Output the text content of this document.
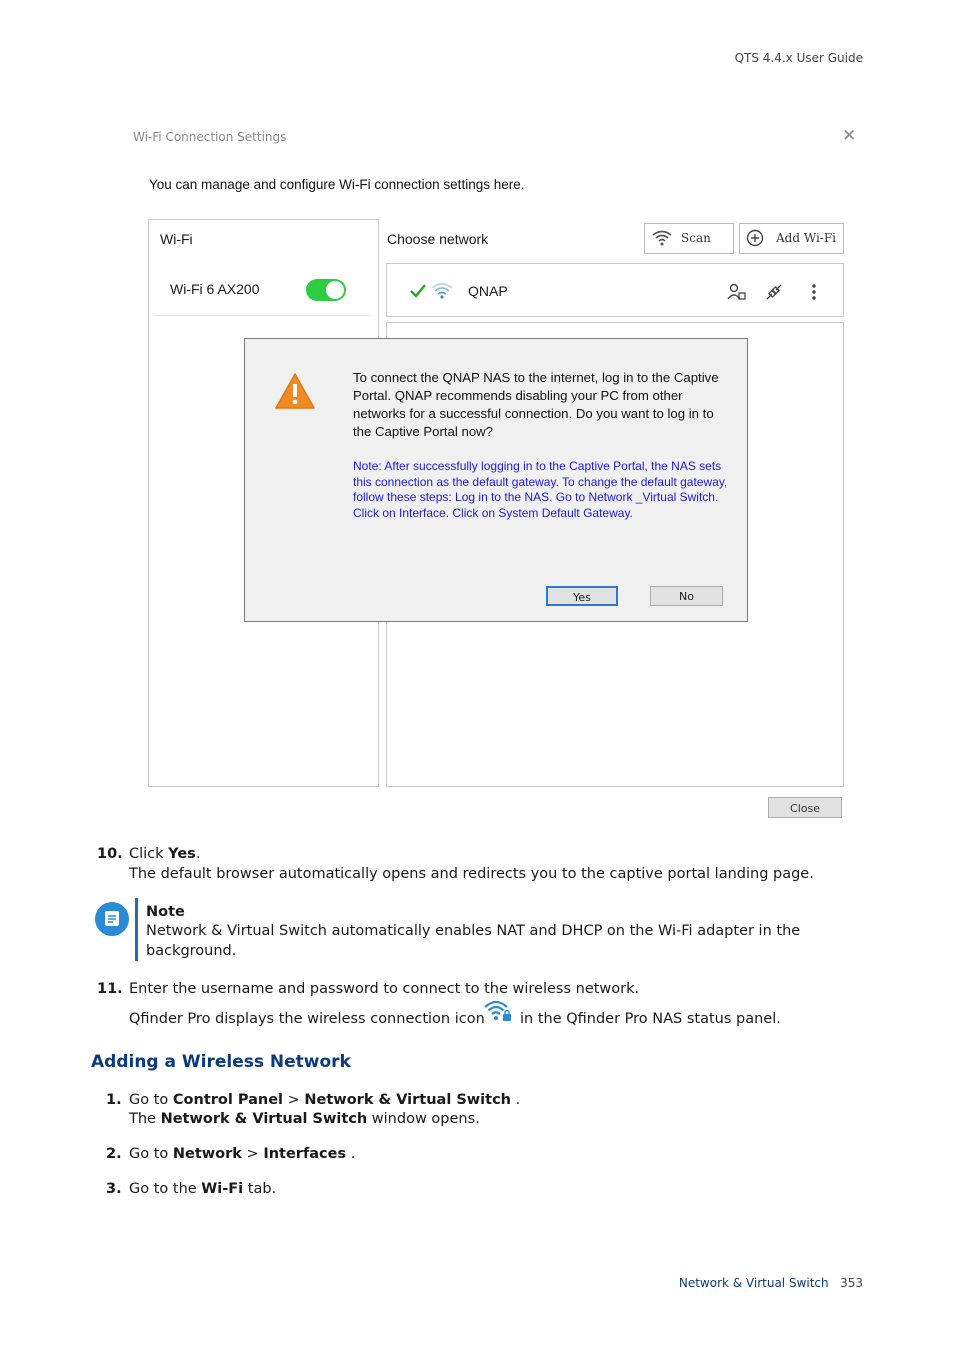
QTS 4.4.x User Guide
Wi-Fi Connection Settings	✕
You can manage and configure Wi-Fi connection settings here.
Wi-Fi
Wi-Fi 6 AX200
Choose network	Scan	Add Wi-Fi
QNAP
To connect the QNAP NAS to the internet, log in to the Captive Portal. QNAP recommends disabling your PC from other networks for a successful connection. Do you want to log in to the Captive Portal now?
Note: After successfully logging in to the Captive Portal, the NAS sets this connection as the default gateway. To change the default gateway, follow these steps: Log in to the NAS. Go to Network _Virtual Switch. Click on Interface. Click on System Default Gateway.
Yes	No
Close
10. Click Yes.
The default browser automatically opens and redirects you to the captive portal landing page.
Note
Network & Virtual Switch automatically enables NAT and DHCP on the Wi-Fi adapter in the background.
11. Enter the username and password to connect to the wireless network.
Qfinder Pro displays the wireless connection icon in the Qfinder Pro NAS status panel.
Adding a Wireless Network
1. Go to Control Panel > Network & Virtual Switch .
The Network & Virtual Switch window opens.
2. Go to Network > Interfaces .
3. Go to the Wi-Fi tab.
Network & Virtual Switch 353
